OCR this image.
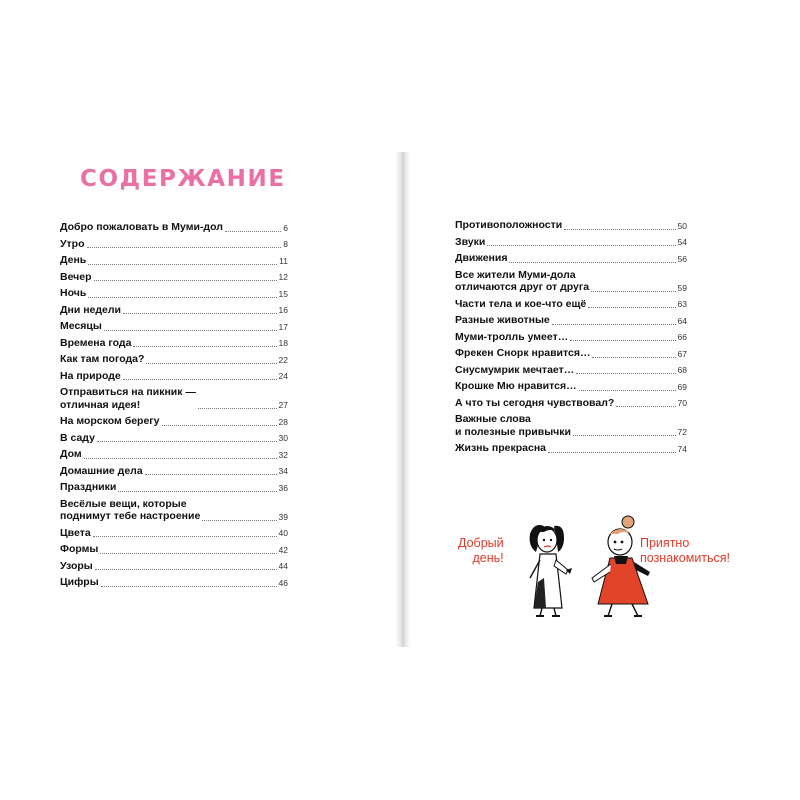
СОДЕРЖАНИЕ
Добро пожаловать в Муми-дол	6
Утро	8
День	11
Вечер	12
Ночь	15
Дни недели	16
Месяцы	17
Времена года	18
Как там погода?	22
На природе	24
Отправиться на пикник —
отличная идея!	27
На морском берегу	28
В саду	30
Дом	32
Домашние дела	34
Праздники	36
Весёлые вещи, которые
поднимут тебе настроение	39
Цвета	40
Формы	42
Узоры	44
Цифры	46
Противоположности	50
Звуки	54
Движения	56
Все жители Муми-дола
отличаются друг от друга	59
Части тела и кое-что ещё	63
Разные животные	64
Муми-тролль умеет…	66
Фрекен Снорк нравится…	67
Снусмумрик мечтает…	68
Крошке Мю нравится…	69
А что ты сегодня чувствовал?	70
Важные слова
и полезные привычки	72
Жизнь прекрасна	74
Добрый
день!
Приятно
познакомиться!
